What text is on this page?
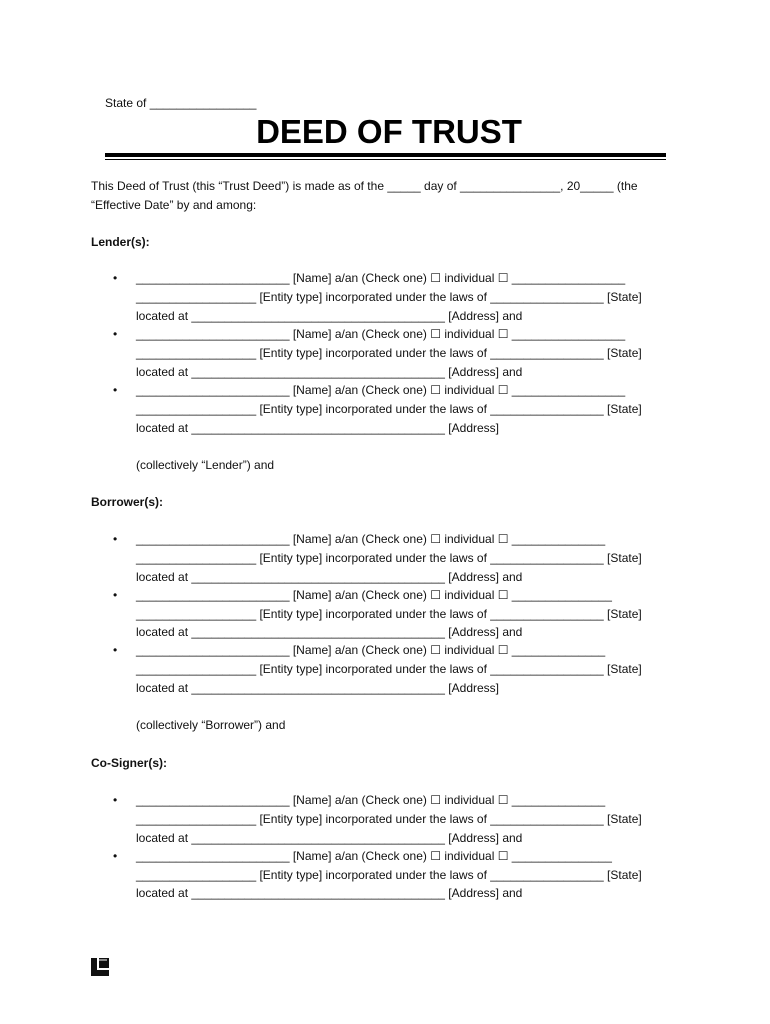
State of ________________
DEED OF TRUST
This Deed of Trust (this “Trust Deed”) is made as of the _____ day of _______________, 20_____ (the
“Effective Date” by and among:
Lender(s):
• _______________________ [Name] a/an (Check one) ☐ individual ☐ _________________
__________________ [Entity type] incorporated under the laws of _________________ [State]
located at ______________________________________ [Address] and
• _______________________ [Name] a/an (Check one) ☐ individual ☐ _________________
__________________ [Entity type] incorporated under the laws of _________________ [State]
located at ______________________________________ [Address] and
• _______________________ [Name] a/an (Check one) ☐ individual ☐ _________________
__________________ [Entity type] incorporated under the laws of _________________ [State]
located at ______________________________________ [Address]
(collectively “Lender”) and
Borrower(s):
• _______________________ [Name] a/an (Check one) ☐ individual ☐ ______________
__________________ [Entity type] incorporated under the laws of _________________ [State]
located at ______________________________________ [Address] and
• _______________________ [Name] a/an (Check one) ☐ individual ☐ _______________
__________________ [Entity type] incorporated under the laws of _________________ [State]
located at ______________________________________ [Address] and
• _______________________ [Name] a/an (Check one) ☐ individual ☐ ______________
__________________ [Entity type] incorporated under the laws of _________________ [State]
located at ______________________________________ [Address]
(collectively “Borrower”) and
Co-Signer(s):
• _______________________ [Name] a/an (Check one) ☐ individual ☐ ______________
__________________ [Entity type] incorporated under the laws of _________________ [State]
located at ______________________________________ [Address] and
• _______________________ [Name] a/an (Check one) ☐ individual ☐ _______________
__________________ [Entity type] incorporated under the laws of _________________ [State]
located at ______________________________________ [Address] and
